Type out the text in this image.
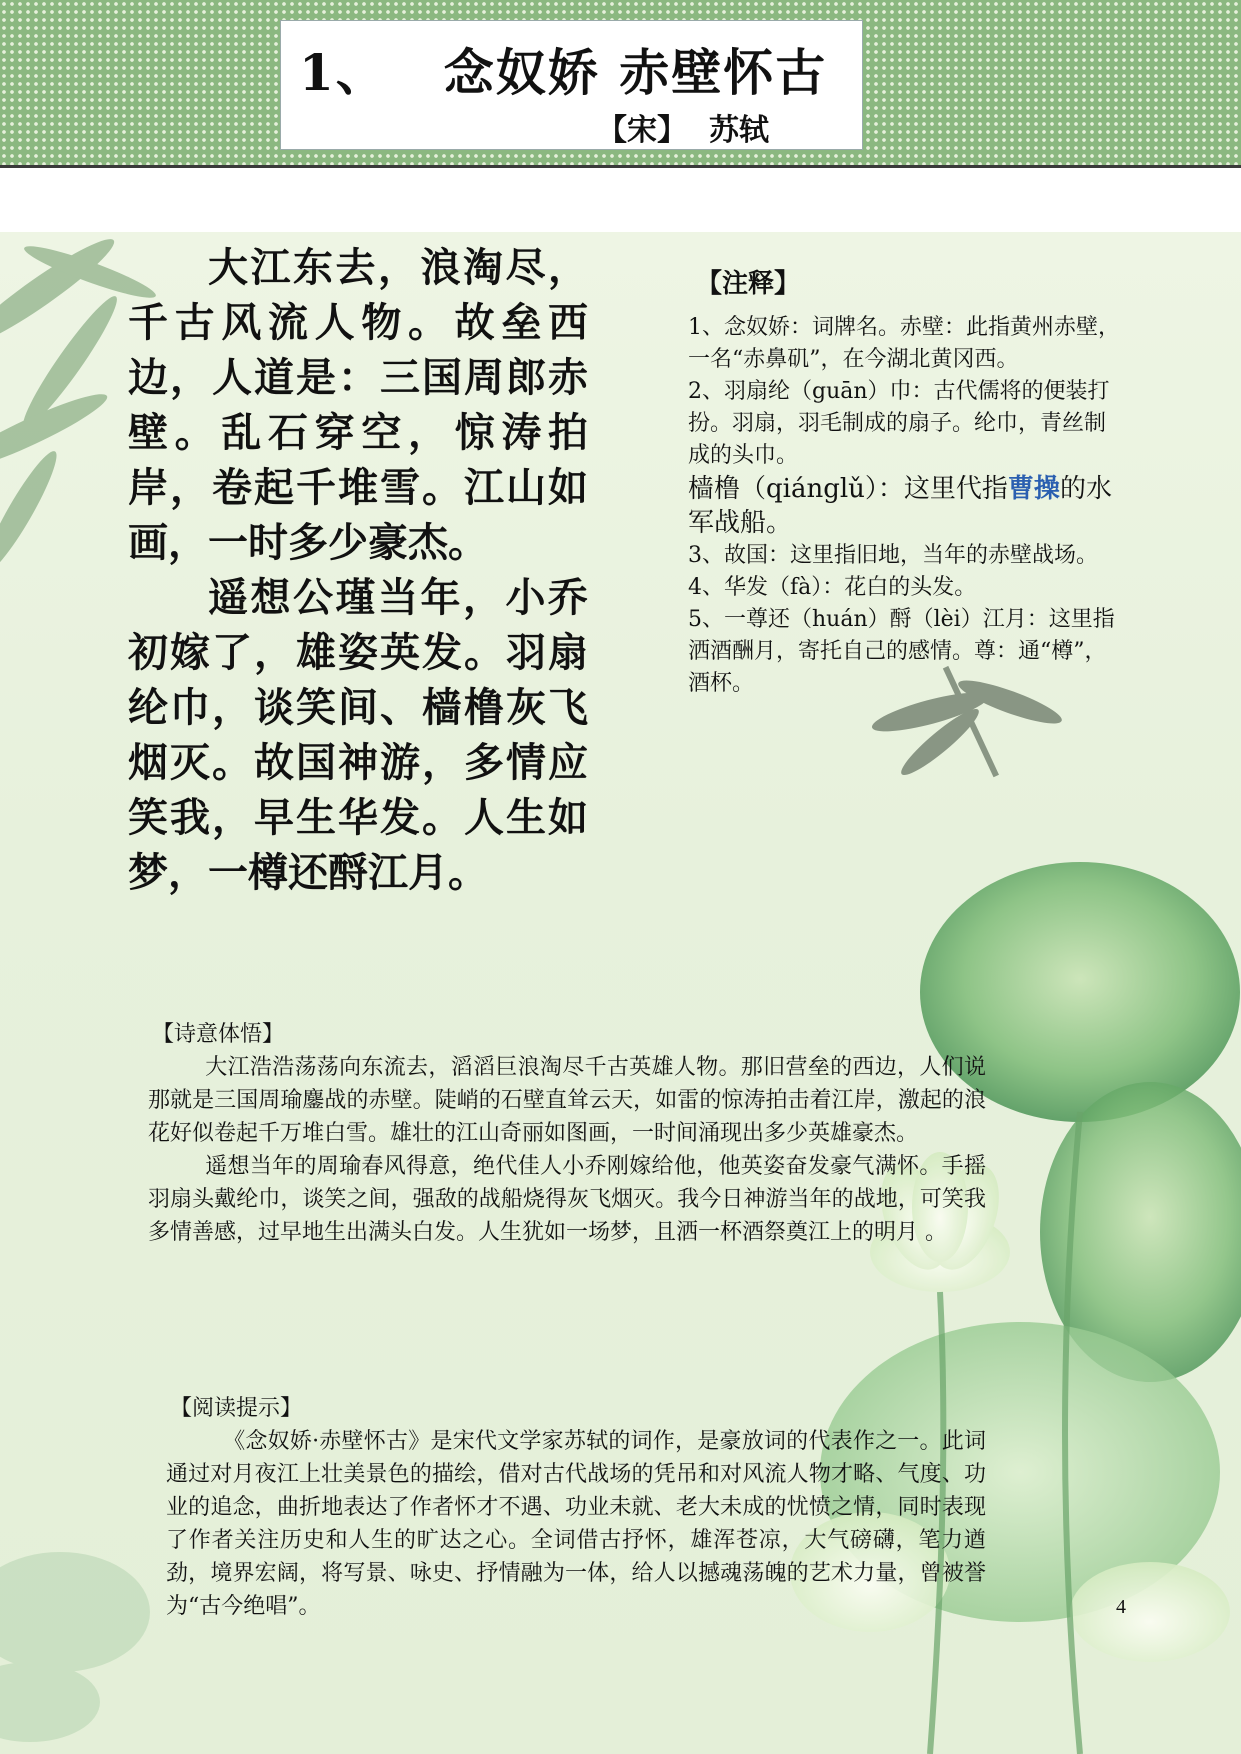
1、 念奴娇 赤壁怀古
【宋】 苏轼

大江东去，浪淘尽，千古风流人物。故垒西边，人道是：三国周郎赤壁。乱石穿空，惊涛拍岸，卷起千堆雪。江山如画，一时多少豪杰。

遥想公瑾当年，小乔初嫁了，雄姿英发。羽扇纶巾，谈笑间、樯橹灰飞烟灭。故国神游，多情应笑我，早生华发。人生如梦，一樽还酹江月。

【注释】

1、念奴娇：词牌名。赤壁：此指黄州赤壁，一名“赤鼻矶”，在今湖北黄冈西。

2、羽扇纶（guān）巾：古代儒将的便装打扮。羽扇，羽毛制成的扇子。纶巾，青丝制成的头巾。

樯橹（qiánglǔ）：这里代指曹操的水军战船。

3、故国：这里指旧地，当年的赤壁战场。

4、华发（fà）：花白的头发。

5、一尊还（huán）酹（lèi）江月：这里指洒酒酬月，寄托自己的感情。尊：通“樽”，酒杯。

【诗意体悟】

大江浩浩荡荡向东流去，滔滔巨浪淘尽千古英雄人物。那旧营垒的西边，人们说那就是三国周瑜鏖战的赤壁。陡峭的石壁直耸云天，如雷的惊涛拍击着江岸，激起的浪花好似卷起千万堆白雪。雄壮的江山奇丽如图画，一时间涌现出多少英雄豪杰。

遥想当年的周瑜春风得意，绝代佳人小乔刚嫁给他，他英姿奋发豪气满怀。手摇羽扇头戴纶巾，谈笑之间，强敌的战船烧得灰飞烟灭。我今日神游当年的战地，可笑我多情善感，过早地生出满头白发。人生犹如一场梦，且洒一杯酒祭奠江上的明月 。

【阅读提示】

《念奴娇·赤壁怀古》是宋代文学家苏轼的词作，是豪放词的代表作之一。此词通过对月夜江上壮美景色的描绘，借对古代战场的凭吊和对风流人物才略、气度、功业的追念，曲折地表达了作者怀才不遇、功业未就、老大未成的忧愤之情，同时表现了作者关注历史和人生的旷达之心。全词借古抒怀，雄浑苍凉，大气磅礴，笔力遒劲，境界宏阔，将写景、咏史、抒情融为一体，给人以撼魂荡魄的艺术力量，曾被誉为“古今绝唱”。	4
